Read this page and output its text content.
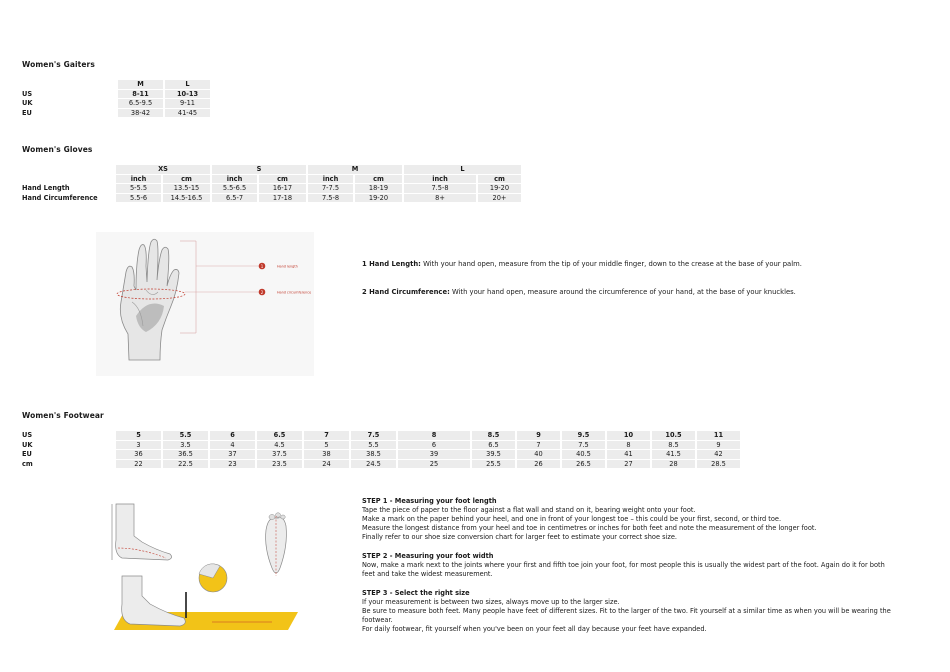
Women's Gaiters
	M	L
US	8-11	10-13
UK	6.5-9.5	9-11
EU	38-42	41-45
Women's Gloves
	XS		S		M		L	
	inch	cm	inch	cm	inch	cm	inch	cm
Hand Length	5-5.5	13.5-15	5.5-6.5	16-17	7-7.5	18-19	7.5-8	19-20
Hand Circumference	5.5-6	14.5-16.5	6.5-7	17-18	7.5-8	19-20	8+	20+
1
2
Hand length
Hand circumference
1 Hand Length: With your hand open, measure from the tip of your middle finger, down to the crease at the base of your palm.
2 Hand Circumference: With your hand open, measure around the circumference of your hand, at the base of your knuckles.
Women's Footwear
US	5	5.5	6	6.5	7	7.5	8	8.5	9	9.5	10	10.5	11
UK	3	3.5	4	4.5	5	5.5	6	6.5	7	7.5	8	8.5	9
EU	36	36.5	37	37.5	38	38.5	39	39.5	40	40.5	41	41.5	42
cm	22	22.5	23	23.5	24	24.5	25	25.5	26	26.5	27	28	28.5
STEP 1 - Measuring your foot length
Tape the piece of paper to the floor against a flat wall and stand on it, bearing weight onto your foot.
Make a mark on the paper behind your heel, and one in front of your longest toe – this could be your first, second, or third toe.
Measure the longest distance from your heel and toe in centimetres or inches for both feet and note the measurement of the longer foot.
Finally refer to our shoe size conversion chart for larger feet to estimate your correct shoe size.
STEP 2 - Measuring your foot width
Now, make a mark next to the joints where your first and fifth toe join your foot, for most people this is usually the widest part of the foot. Again do it for both feet and take the widest measurement.
STEP 3 - Select the right size
If your measurement is between two sizes, always move up to the larger size.
Be sure to measure both feet. Many people have feet of different sizes. Fit to the larger of the two. Fit yourself at a similar time as when you will be wearing the footwear.
For daily footwear, fit yourself when you've been on your feet all day because your feet have expanded.
